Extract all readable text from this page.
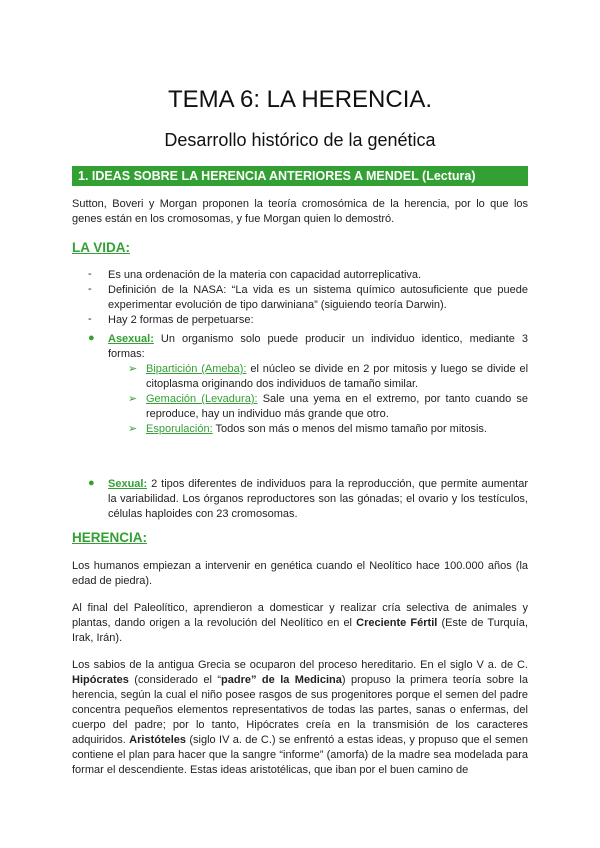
TEMA 6: LA HERENCIA.
Desarrollo histórico de la genética
1. IDEAS SOBRE LA HERENCIA ANTERIORES A MENDEL (Lectura)

Sutton, Boveri y Morgan proponen la teoría cromosómica de la herencia, por lo que los genes están en los cromosomas, y fue Morgan quien lo demostró.

LA VIDA:
- Es una ordenación de la materia con capacidad autorreplicativa.

- Definición de la NASA: “La vida es un sistema químico autosuficiente que puede experimentar evolución de tipo darwiniana” (siguiendo teoría Darwin).

- Hay 2 formas de perpetuarse:

● Asexual: Un organismo solo puede producir un individuo identico, mediante 3 formas:

➢ Bipartición (Ameba): el núcleo se divide en 2 por mitosis y luego se divide el citoplasma originando dos individuos de tamaño similar.

➢ Gemación (Levadura): Sale una yema en el extremo, por tanto cuando se reproduce, hay un individuo más grande que otro.

➢ Esporulación: Todos son más o menos del mismo tamaño por mitosis.

● Sexual: 2 tipos diferentes de individuos para la reproducción, que permite aumentar la variabilidad. Los órganos reproductores son las gónadas; el ovario y los testículos, células haploides con 23 cromosomas.

HERENCIA:

Los humanos empiezan a intervenir en genética cuando el Neolítico hace 100.000 años (la edad de piedra).

Al final del Paleolítico, aprendieron a domesticar y realizar cría selectiva de animales y plantas, dando origen a la revolución del Neolítico en el Creciente Fértil (Este de Turquía, Irak, Irán).

Los sabios de la antigua Grecia se ocuparon del proceso hereditario. En el siglo V a. de C. Hipócrates (considerado el “padre” de la Medicina) propuso la primera teoría sobre la herencia, según la cual el niño posee rasgos de sus progenitores porque el semen del padre concentra pequeños elementos representativos de todas las partes, sanas o enfermas, del cuerpo del padre; por lo tanto, Hipócrates creía en la transmisión de los caracteres adquiridos. Aristóteles (siglo IV a. de C.) se enfrentó a estas ideas, y propuso que el semen contiene el plan para hacer que la sangre “informe” (amorfa) de la madre sea modelada para formar el descendiente. Estas ideas aristotélicas, que iban por el buen camino de
